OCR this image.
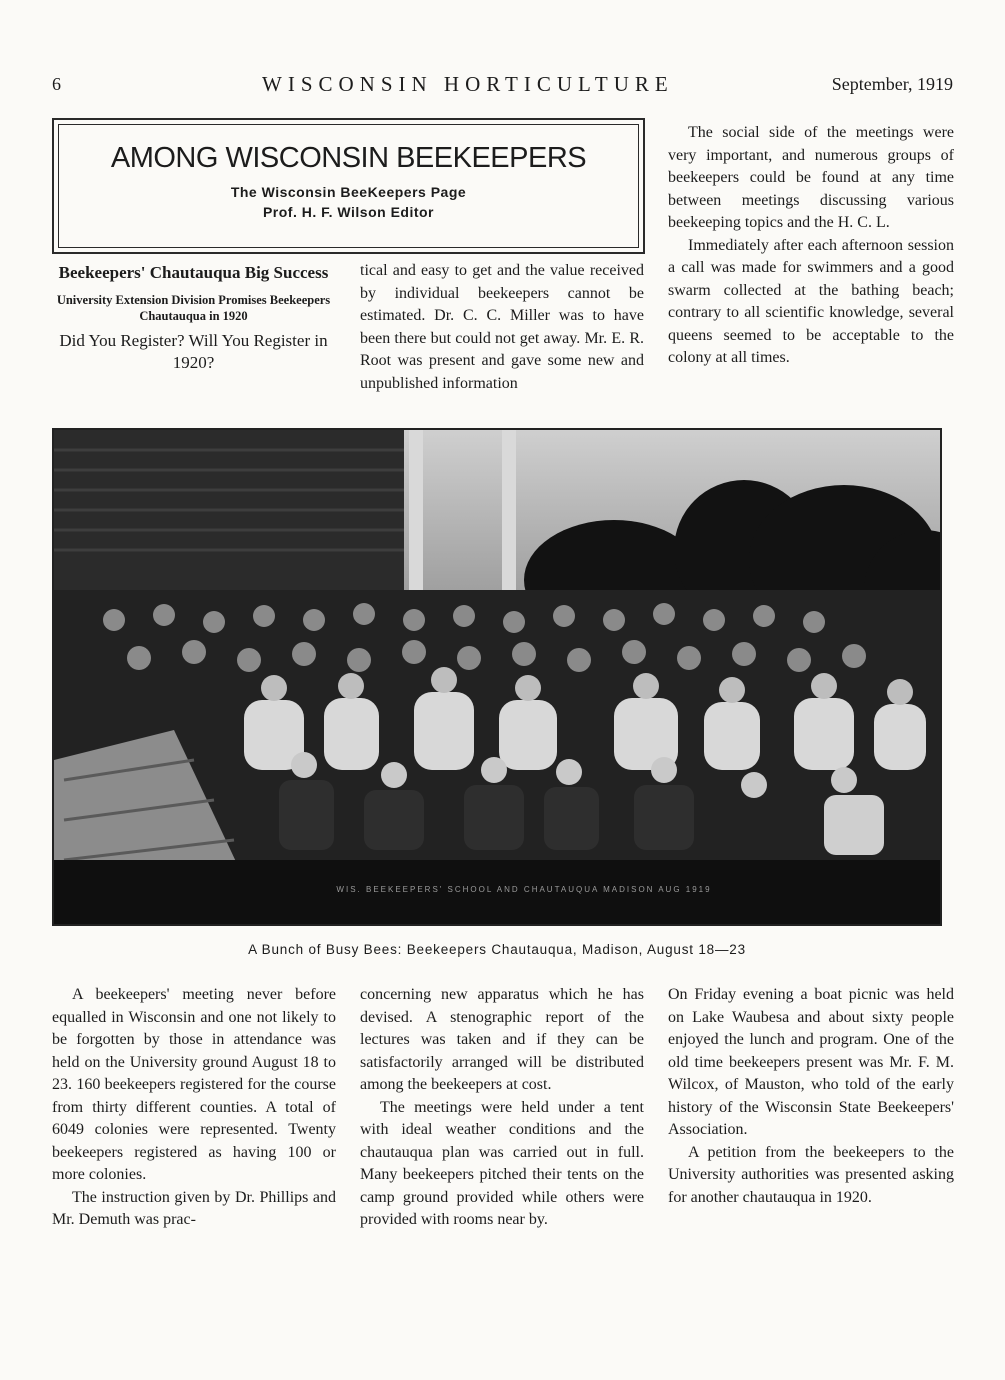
6	WISCONSIN HORTICULTURE	September, 1919
AMONG WISCONSIN BEEKEEPERS
The Wisconsin BeeKeepers Page
Prof. H. F. Wilson Editor
Beekeepers' Chautauqua Big Success
University Extension Division Promises Beekeepers Chautauqua in 1920
Did You Register? Will You Register in 1920?

tical and easy to get and the value received by individual beekeepers cannot be estimated. Dr. C. C. Miller was to have been there but could not get away. Mr. E. R. Root was present and gave some new and unpublished information

The social side of the meetings were very important, and numerous groups of beekeepers could be found at any time between meetings discussing various beekeeping topics and the H. C. L.

Immediately after each afternoon session a call was made for swimmers and a good swarm collected at the bathing beach; contrary to all scientific knowledge, several queens seemed to be acceptable to the colony at all times.

WIS. BEEKEEPERS' SCHOOL AND CHAUTAUQUA MADISON AUG 1919
A Bunch of Busy Bees: Beekeepers Chautauqua, Madison, August 18—23

A beekeepers' meeting never before equalled in Wisconsin and one not likely to be forgotten by those in attendance was held on the University ground August 18 to 23. 160 beekeepers registered for the course from thirty different counties. A total of 6049 colonies were represented. Twenty beekeepers registered as having 100 or more colonies.

The instruction given by Dr. Phillips and Mr. Demuth was prac-

concerning new apparatus which he has devised. A stenographic report of the lectures was taken and if they can be satisfactorily arranged will be distributed among the beekeepers at cost.

The meetings were held under a tent with ideal weather conditions and the chautauqua plan was carried out in full. Many beekeepers pitched their tents on the camp ground provided while others were provided with rooms near by.

On Friday evening a boat picnic was held on Lake Waubesa and about sixty people enjoyed the lunch and program. One of the old time beekeepers present was Mr. F. M. Wilcox, of Mauston, who told of the early history of the Wisconsin State Beekeepers' Association.

A petition from the beekeepers to the University authorities was presented asking for another chautauqua in 1920.
